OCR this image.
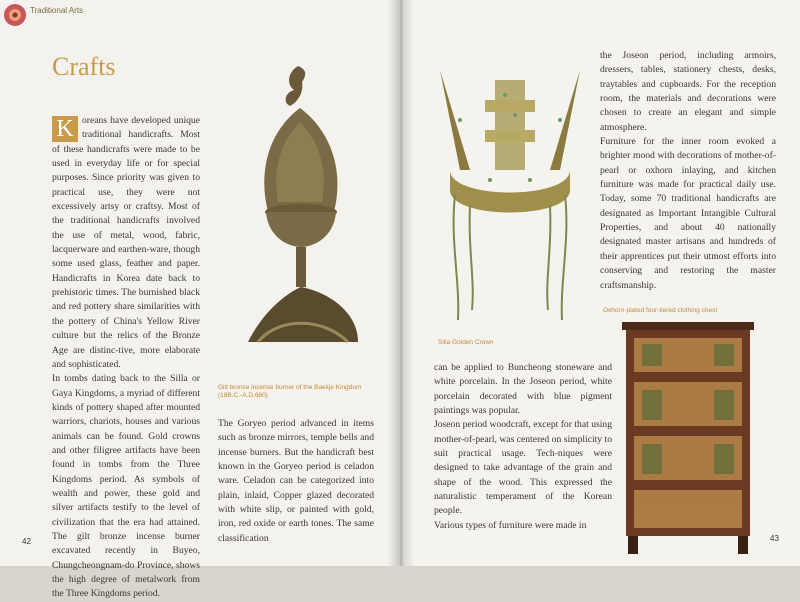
Traditional Arts
Crafts

K oreans have developed unique traditional handicrafts. Most of these handicrafts were made to be used in everyday life or for special purposes. Since priority was given to practical use, they were not excessively artsy or craftsy. Most of the traditional handicrafts involved the use of metal, wood, fabric, lacquerware and earthen-ware, though some used glass, feather and paper. Handicrafts in Korea date back to prehistoric times. The burnished black and red pottery share similarities with the pottery of China's Yellow River culture but the relics of the Bronze Age are distinc-tive, more elaborate and sophisticated.

In tombs dating back to the Silla or Gaya Kingdoms, a myriad of different kinds of pottery shaped after mounted warriors, chariots, houses and various animals can be found. Gold crowns and other filigree artifacts have been found in tombs from the Three Kingdoms period. As symbols of wealth and power, these gold and silver artifacts testify to the level of civilization that the era had attained. The gilt bronze incense burner excavated recently in Buyeo, Chungcheongnam-do Province, shows the high degree of metalwork from the Three Kingdoms period.

Gilt bronze incense burner of the Baekje Kingdom (18B.C.-A.D.660)
The Goryeo period advanced in items such as bronze mirrors, temple bells and incense burners. But the handicraft best known in the Goryeo period is celadon ware. Celadon can be categorized into plain, inlaid, Copper glazed decorated with white slip, or painted with gold, iron, red oxide or earth tones. The same classification
42
Silla Golden Crown

the Joseon period, including armoirs, dressers, tables, stationery chests, desks, traytables and cupboards. For the reception room, the materials and decorations were chosen to create an elegant and simple atmosphere.

Furniture for the inner room evoked a brighter mood with decorations of mother-of-pearl or oxhorn inlaying, and kitchen furniture was made for practical daily use. Today, some 70 traditional handicrafts are designated as Important Intangible Cultural Properties, and about 40 nationally designated master artisans and hundreds of their apprentices put their utmost efforts into conserving and restoring the master craftsmanship.

Oxhorn-plated four-tiered clothing chest

can be applied to Buncheong stoneware and white porcelain. In the Joseon period, white porcelain decorated with blue pigment paintings was popular.

Joseon period woodcraft, except for that using mother-of-pearl, was centered on simplicity to suit practical usage. Tech-niques were designed to take advantage of the grain and shape of the wood. This expressed the naturalistic temperament of the Korean people.

Various types of furniture were made in

43
